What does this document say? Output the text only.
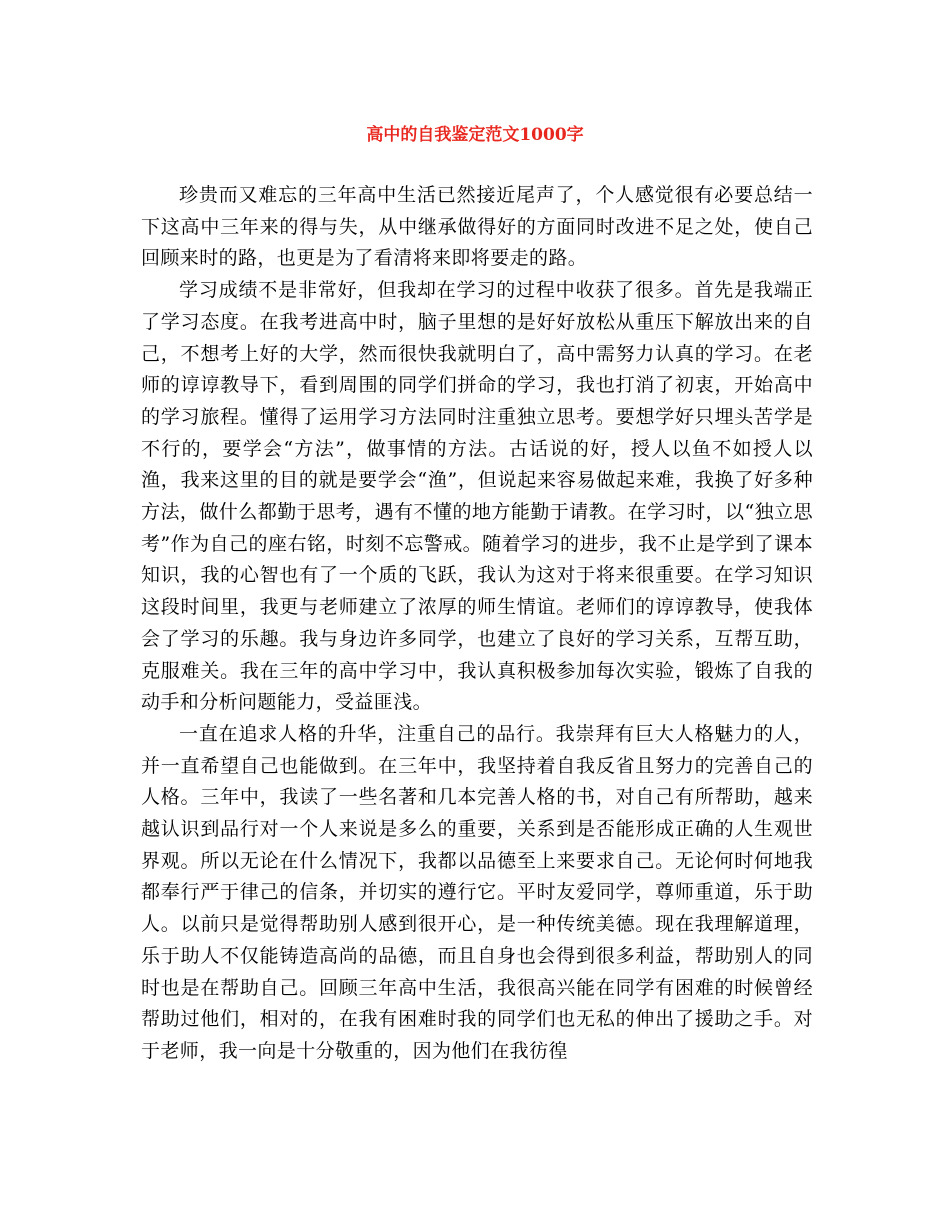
高中的自我鉴定范文1000字

珍贵而又难忘的三年高中生活已然接近尾声了，个人感觉很有必要总结一下这高中三年来的得与失，从中继承做得好的方面同时改进不足之处，使自己回顾来时的路，也更是为了看清将来即将要走的路。

学习成绩不是非常好，但我却在学习的过程中收获了很多。首先是我端正了学习态度。在我考进高中时，脑子里想的是好好放松从重压下解放出来的自己，不想考上好的大学，然而很快我就明白了，高中需努力认真的学习。在老师的谆谆教导下，看到周围的同学们拼命的学习，我也打消了初衷，开始高中的学习旅程。懂得了运用学习方法同时注重独立思考。要想学好只埋头苦学是不行的，要学会“方法”，做事情的方法。古话说的好，授人以鱼不如授人以渔，我来这里的目的就是要学会“渔”，但说起来容易做起来难，我换了好多种方法，做什么都勤于思考，遇有不懂的地方能勤于请教。在学习时，以“独立思考”作为自己的座右铭，时刻不忘警戒。随着学习的进步，我不止是学到了课本知识，我的心智也有了一个质的飞跃，我认为这对于将来很重要。在学习知识这段时间里，我更与老师建立了浓厚的师生情谊。老师们的谆谆教导，使我体会了学习的乐趣。我与身边许多同学，也建立了良好的学习关系，互帮互助，克服难关。我在三年的高中学习中，我认真积极参加每次实验，锻炼了自我的动手和分析问题能力，受益匪浅。

一直在追求人格的升华，注重自己的品行。我崇拜有巨大人格魅力的人，并一直希望自己也能做到。在三年中，我坚持着自我反省且努力的完善自己的人格。三年中，我读了一些名著和几本完善人格的书，对自己有所帮助，越来越认识到品行对一个人来说是多么的重要，关系到是否能形成正确的人生观世界观。所以无论在什么情况下，我都以品德至上来要求自己。无论何时何地我都奉行严于律己的信条，并切实的遵行它。平时友爱同学，尊师重道，乐于助人。以前只是觉得帮助别人感到很开心，是一种传统美德。现在我理解道理，乐于助人不仅能铸造高尚的品德，而且自身也会得到很多利益，帮助别人的同时也是在帮助自己。回顾三年高中生活，我很高兴能在同学有困难的时候曾经帮助过他们，相对的，在我有困难时我的同学们也无私的伸出了援助之手。对于老师，我一向是十分敬重的，因为他们在我彷徨
